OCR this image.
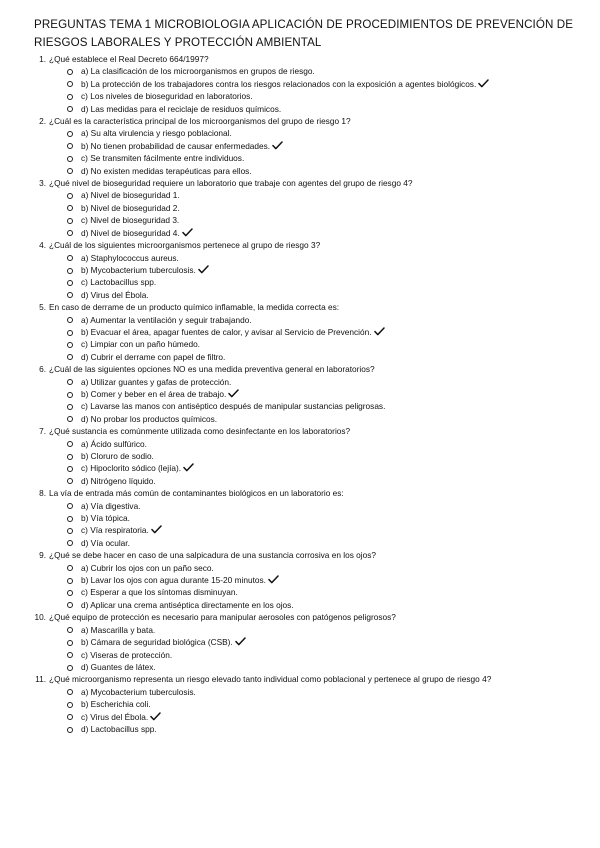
PREGUNTAS TEMA 1 MICROBIOLOGIA APLICACIÓN DE PROCEDIMIENTOS DE PREVENCIÓN DE
RIESGOS LABORALES Y PROTECCIÓN AMBIENTAL
1. ¿Qué establece el Real Decreto 664/1997?
a) La clasificación de los microorganismos en grupos de riesgo.
b) La protección de los trabajadores contra los riesgos relacionados con la exposición a agentes biológicos.
c) Los niveles de bioseguridad en laboratorios.
d) Las medidas para el reciclaje de residuos químicos.
2. ¿Cuál es la característica principal de los microorganismos del grupo de riesgo 1?
a) Su alta virulencia y riesgo poblacional.
b) No tienen probabilidad de causar enfermedades.
c) Se transmiten fácilmente entre individuos.
d) No existen medidas terapéuticas para ellos.
3. ¿Qué nivel de bioseguridad requiere un laboratorio que trabaje con agentes del grupo de riesgo 4?
a) Nivel de bioseguridad 1.
b) Nivel de bioseguridad 2.
c) Nivel de bioseguridad 3.
d) Nivel de bioseguridad 4.
4. ¿Cuál de los siguientes microorganismos pertenece al grupo de riesgo 3?
a) Staphylococcus aureus.
b) Mycobacterium tuberculosis.
c) Lactobacillus spp.
d) Virus del Ébola.
5. En caso de derrame de un producto químico inflamable, la medida correcta es:
a) Aumentar la ventilación y seguir trabajando.
b) Evacuar el área, apagar fuentes de calor, y avisar al Servicio de Prevención.
c) Limpiar con un paño húmedo.
d) Cubrir el derrame con papel de filtro.
6. ¿Cuál de las siguientes opciones NO es una medida preventiva general en laboratorios?
a) Utilizar guantes y gafas de protección.
b) Comer y beber en el área de trabajo.
c) Lavarse las manos con antiséptico después de manipular sustancias peligrosas.
d) No probar los productos químicos.
7. ¿Qué sustancia es comúnmente utilizada como desinfectante en los laboratorios?
a) Ácido sulfúrico.
b) Cloruro de sodio.
c) Hipoclorito sódico (lejía).
d) Nitrógeno líquido.
8. La vía de entrada más común de contaminantes biológicos en un laboratorio es:
a) Vía digestiva.
b) Vía tópica.
c) Vía respiratoria.
d) Vía ocular.
9. ¿Qué se debe hacer en caso de una salpicadura de una sustancia corrosiva en los ojos?
a) Cubrir los ojos con un paño seco.
b) Lavar los ojos con agua durante 15-20 minutos.
c) Esperar a que los síntomas disminuyan.
d) Aplicar una crema antiséptica directamente en los ojos.
10. ¿Qué equipo de protección es necesario para manipular aerosoles con patógenos peligrosos?
a) Mascarilla y bata.
b) Cámara de seguridad biológica (CSB).
c) Viseras de protección.
d) Guantes de látex.
11. ¿Qué microorganismo representa un riesgo elevado tanto individual como poblacional y pertenece al grupo de riesgo 4?
a) Mycobacterium tuberculosis.
b) Escherichia coli.
c) Virus del Ébola.
d) Lactobacillus spp.
